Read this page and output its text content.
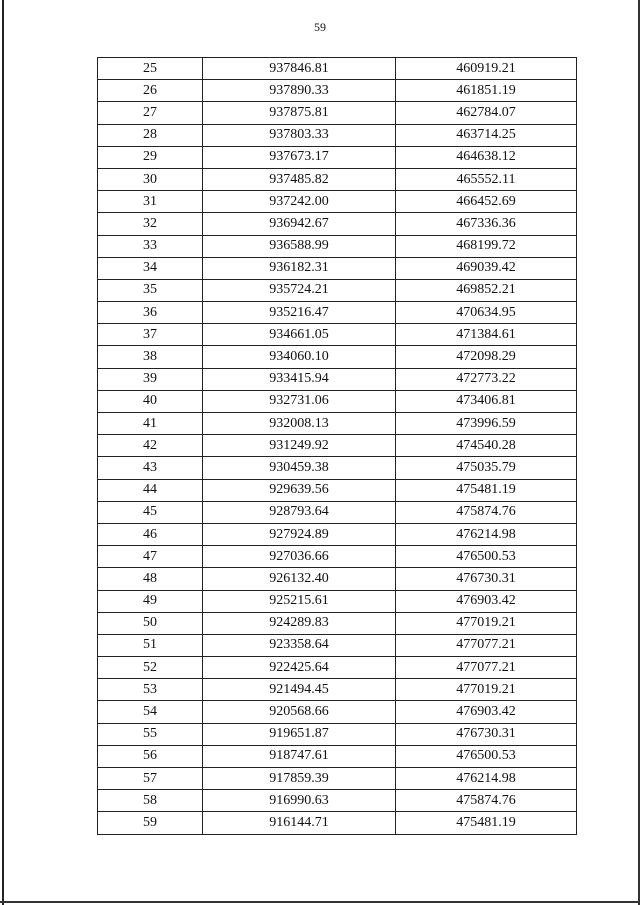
59
25	937846.81	460919.21
26	937890.33	461851.19
27	937875.81	462784.07
28	937803.33	463714.25
29	937673.17	464638.12
30	937485.82	465552.11
31	937242.00	466452.69
32	936942.67	467336.36
33	936588.99	468199.72
34	936182.31	469039.42
35	935724.21	469852.21
36	935216.47	470634.95
37	934661.05	471384.61
38	934060.10	472098.29
39	933415.94	472773.22
40	932731.06	473406.81
41	932008.13	473996.59
42	931249.92	474540.28
43	930459.38	475035.79
44	929639.56	475481.19
45	928793.64	475874.76
46	927924.89	476214.98
47	927036.66	476500.53
48	926132.40	476730.31
49	925215.61	476903.42
50	924289.83	477019.21
51	923358.64	477077.21
52	922425.64	477077.21
53	921494.45	477019.21
54	920568.66	476903.42
55	919651.87	476730.31
56	918747.61	476500.53
57	917859.39	476214.98
58	916990.63	475874.76
59	916144.71	475481.19
